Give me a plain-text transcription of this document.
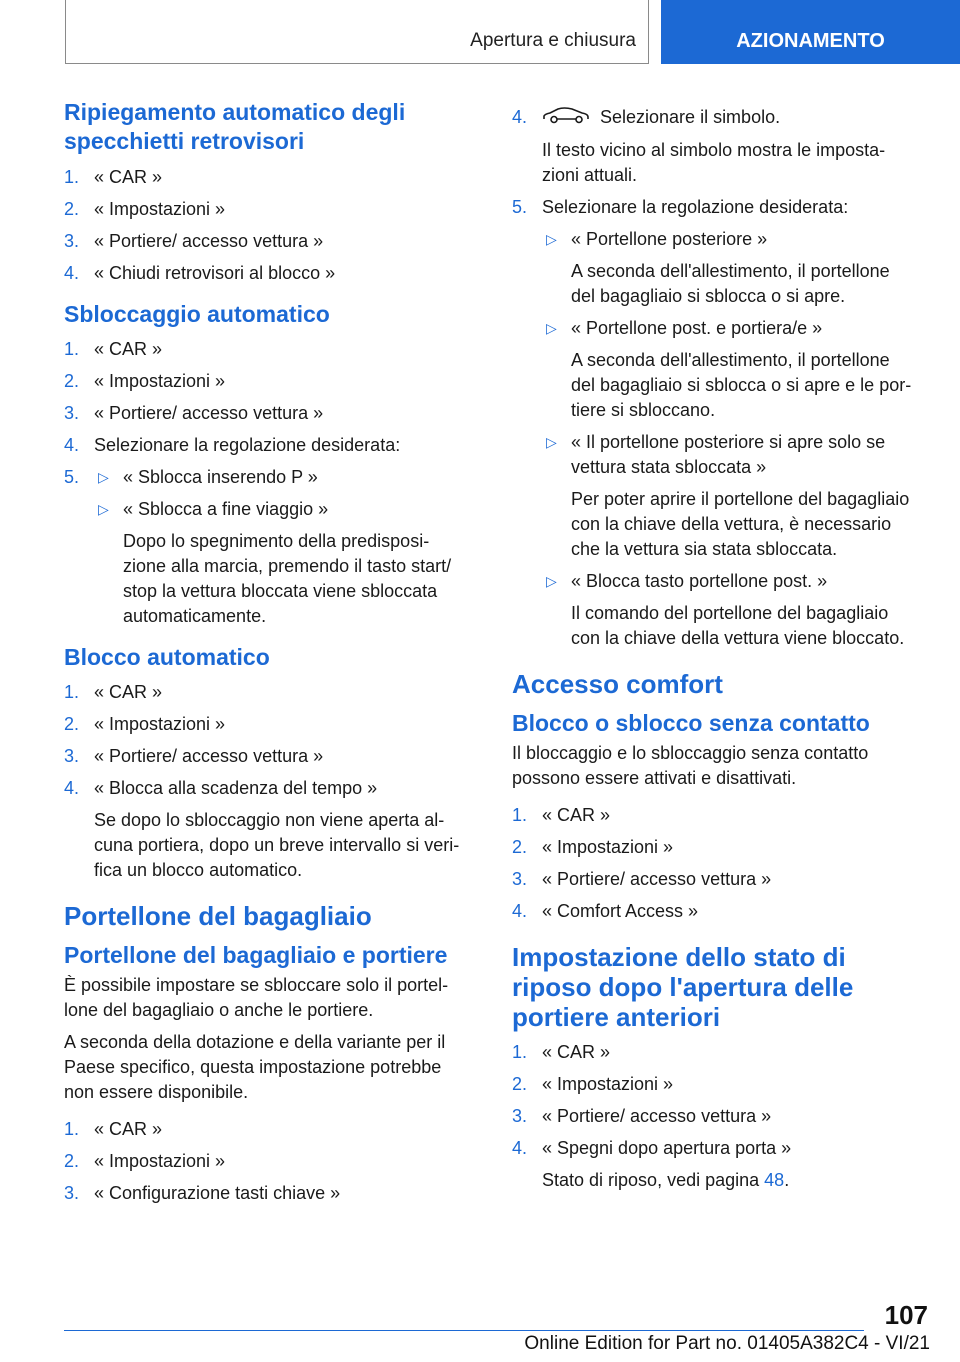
Apertura e chiusura	AZIONAMENTO
Ripiegamento automatico degli
specchietti retrovisori
1. « CAR »
2. « Impostazioni »
3. « Portiere/ accesso vettura »
4. « Chiudi retrovisori al blocco »
Sbloccaggio automatico
1. « CAR »
2. « Impostazioni »
3. « Portiere/ accesso vettura »
4. Selezionare la regolazione desiderata:
5. ▷ « Sblocca inserendo P »
▷ « Sblocca a fine viaggio »

Dopo lo spegnimento della predisposi-
zione alla marcia, premendo il tasto start/
stop la vettura bloccata viene sbloccata
automaticamente.

Blocco automatico
1. « CAR »
2. « Impostazioni »
3. « Portiere/ accesso vettura »
4. « Blocca alla scadenza del tempo »

Se dopo lo sbloccaggio non viene aperta al-
cuna portiera, dopo un breve intervallo si veri-
fica un blocco automatico.

Portellone del bagagliaio
Portellone del bagagliaio e portiere

È possibile impostare se sbloccare solo il portel-
lone del bagagliaio o anche le portiere.

A seconda della dotazione e della variante per il
Paese specifico, questa impostazione potrebbe
non essere disponibile.

1. « CAR »
2. « Impostazioni »
3. « Configurazione tasti chiave »
4.	Selezionare il simbolo.

Il testo vicino al simbolo mostra le imposta-
zioni attuali.

5. Selezionare la regolazione desiderata:
▷ « Portellone posteriore »

A seconda dell'allestimento, il portellone
del bagagliaio si sblocca o si apre.

▷ « Portellone post. e portiera/e »

A seconda dell'allestimento, il portellone
del bagagliaio si sblocca o si apre e le por-
tiere si sbloccano.

▷ « Il portellone posteriore si apre solo se
vettura stata sbloccata »

Per poter aprire il portellone del bagagliaio
con la chiave della vettura, è necessario
che la vettura sia stata sbloccata.

▷ « Blocca tasto portellone post. »

Il comando del portellone del bagagliaio
con la chiave della vettura viene bloccato.

Accesso comfort
Blocco o sblocco senza contatto

Il bloccaggio e lo sbloccaggio senza contatto
possono essere attivati e disattivati.

1. « CAR »
2. « Impostazioni »
3. « Portiere/ accesso vettura »
4. « Comfort Access »
Impostazione dello stato di
riposo dopo l'apertura delle
portiere anteriori
1. « CAR »
2. « Impostazioni »
3. « Portiere/ accesso vettura »
4. « Spegni dopo apertura porta »

Stato di riposo, vedi pagina 48.

107
Online Edition for Part no. 01405A382C4 - VI/21
